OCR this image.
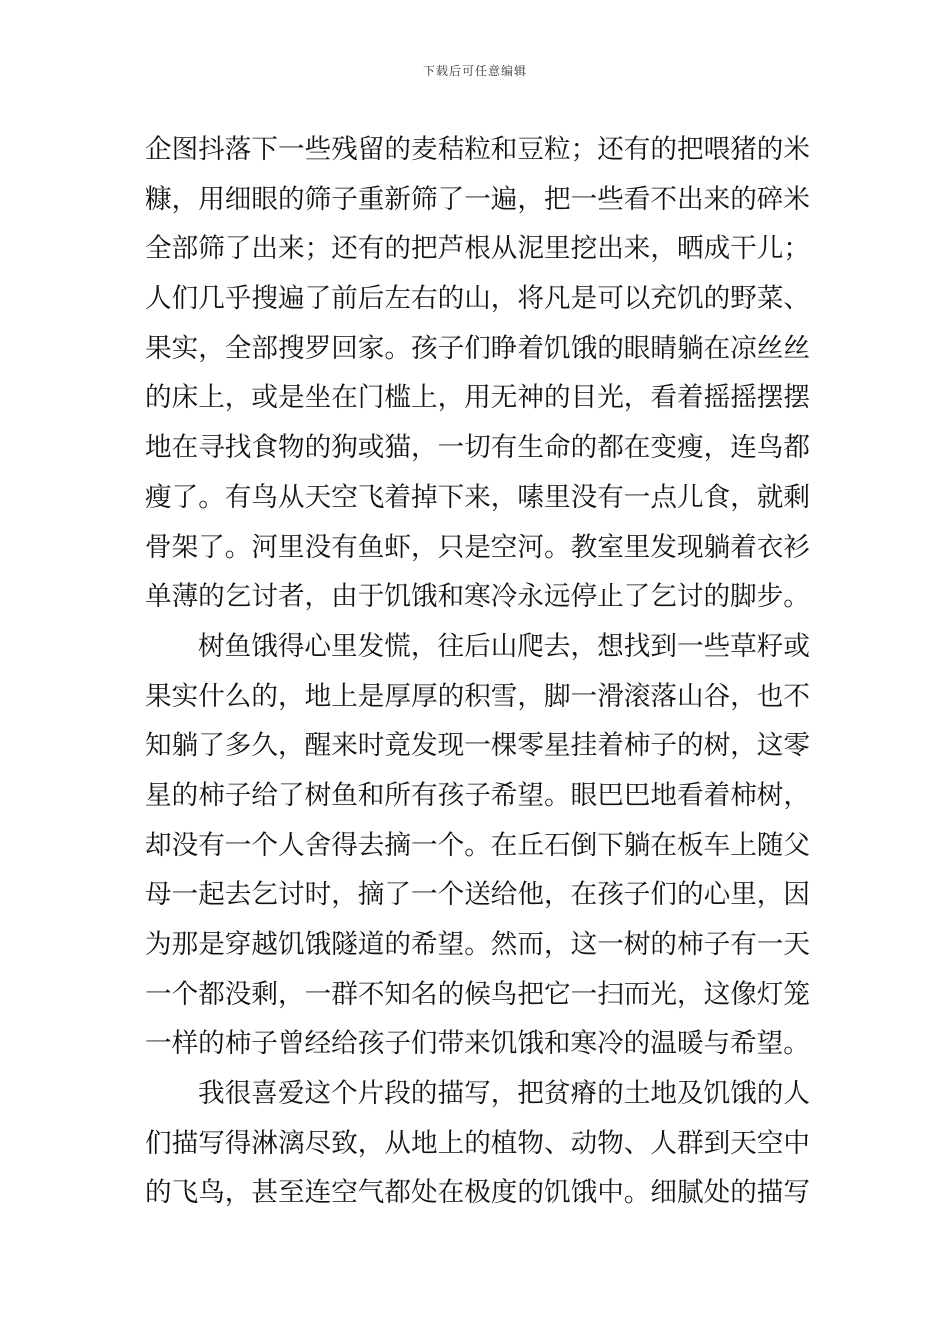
下载后可任意编辑
企图抖落下一些残留的麦秸粒和豆粒；还有的把喂猪的米
糠，用细眼的筛子重新筛了一遍，把一些看不出来的碎米
全部筛了出来；还有的把芦根从泥里挖出来，晒成干儿；
人们几乎搜遍了前后左右的山，将凡是可以充饥的野菜、
果实，全部搜罗回家。孩子们睁着饥饿的眼睛躺在凉丝丝
的床上，或是坐在门槛上，用无神的目光，看着摇摇摆摆
地在寻找食物的狗或猫，一切有生命的都在变瘦，连鸟都
瘦了。有鸟从天空飞着掉下来，嗉里没有一点儿食，就剩
骨架了。河里没有鱼虾，只是空河。教室里发现躺着衣衫
单薄的乞讨者，由于饥饿和寒冷永远停止了乞讨的脚步。
树鱼饿得心里发慌，往后山爬去，想找到一些草籽或
果实什么的，地上是厚厚的积雪，脚一滑滚落山谷，也不
知躺了多久，醒来时竟发现一棵零星挂着柿子的树，这零
星的柿子给了树鱼和所有孩子希望。眼巴巴地看着柿树，
却没有一个人舍得去摘一个。在丘石倒下躺在板车上随父
母一起去乞讨时，摘了一个送给他，在孩子们的心里，因
为那是穿越饥饿隧道的希望。然而，这一树的柿子有一天
一个都没剩，一群不知名的候鸟把它一扫而光，这像灯笼
一样的柿子曾经给孩子们带来饥饿和寒冷的温暖与希望。
我很喜爱这个片段的描写，把贫瘠的土地及饥饿的人
们描写得淋漓尽致，从地上的植物、动物、人群到天空中
的飞鸟，甚至连空气都处在极度的饥饿中。细腻处的描写
